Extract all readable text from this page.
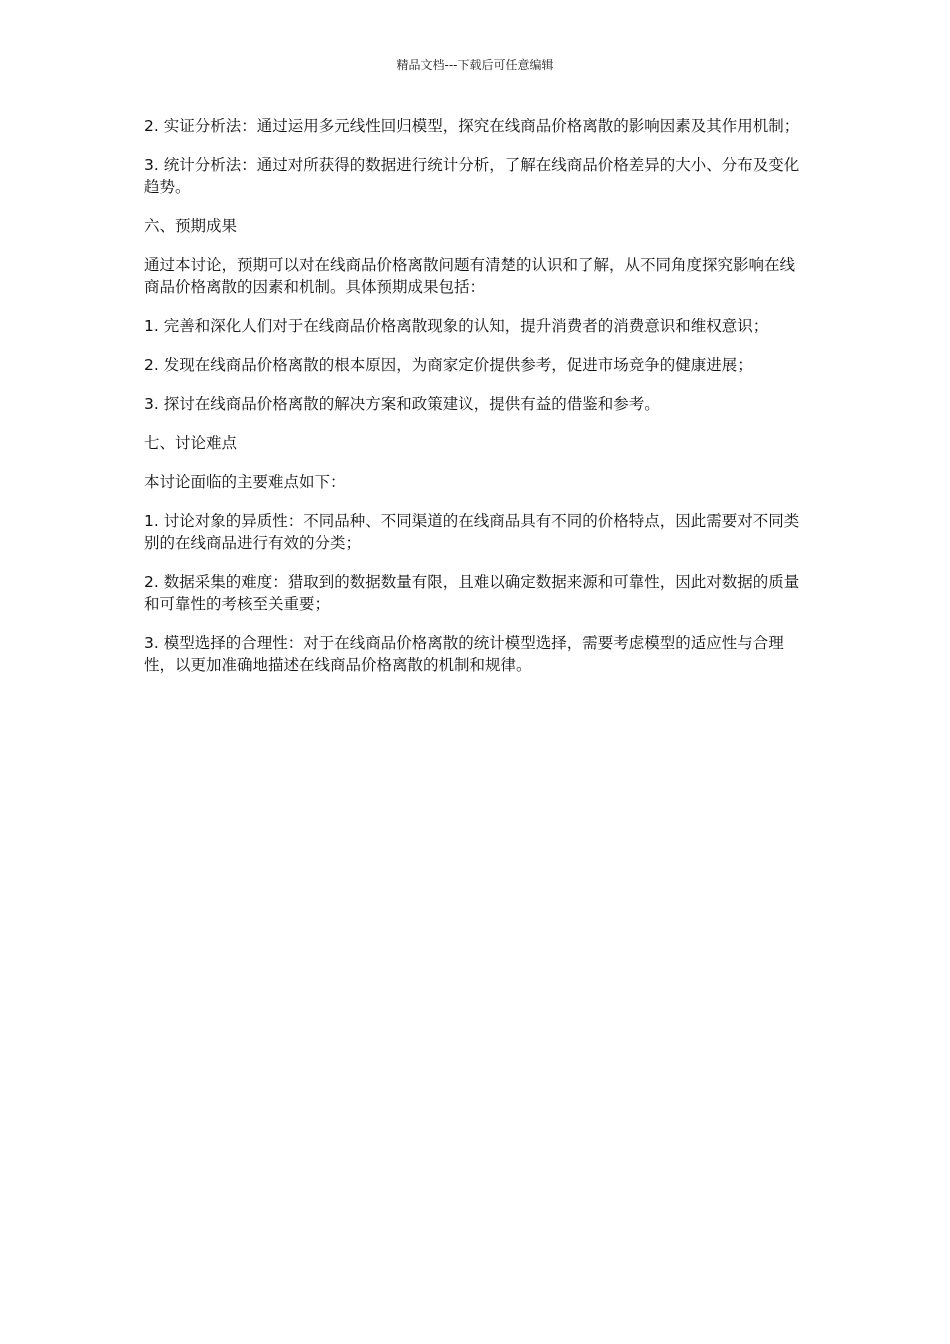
精品文档---下载后可任意编辑

2. 实证分析法：通过运用多元线性回归模型，探究在线商品价格离散的影响因素及其作用机制；

3. 统计分析法：通过对所获得的数据进行统计分析，了解在线商品价格差异的大小、分布及变化趋势。

六、预期成果

通过本讨论，预期可以对在线商品价格离散问题有清楚的认识和了解，从不同角度探究影响在线商品价格离散的因素和机制。具体预期成果包括：

1. 完善和深化人们对于在线商品价格离散现象的认知，提升消费者的消费意识和维权意识；

2. 发现在线商品价格离散的根本原因，为商家定价提供参考，促进市场竞争的健康进展；

3. 探讨在线商品价格离散的解决方案和政策建议，提供有益的借鉴和参考。

七、讨论难点

本讨论面临的主要难点如下：

1. 讨论对象的异质性：不同品种、不同渠道的在线商品具有不同的价格特点，因此需要对不同类别的在线商品进行有效的分类；

2. 数据采集的难度：猎取到的数据数量有限，且难以确定数据来源和可靠性，因此对数据的质量和可靠性的考核至关重要；

3. 模型选择的合理性：对于在线商品价格离散的统计模型选择，需要考虑模型的适应性与合理性，以更加准确地描述在线商品价格离散的机制和规律。
